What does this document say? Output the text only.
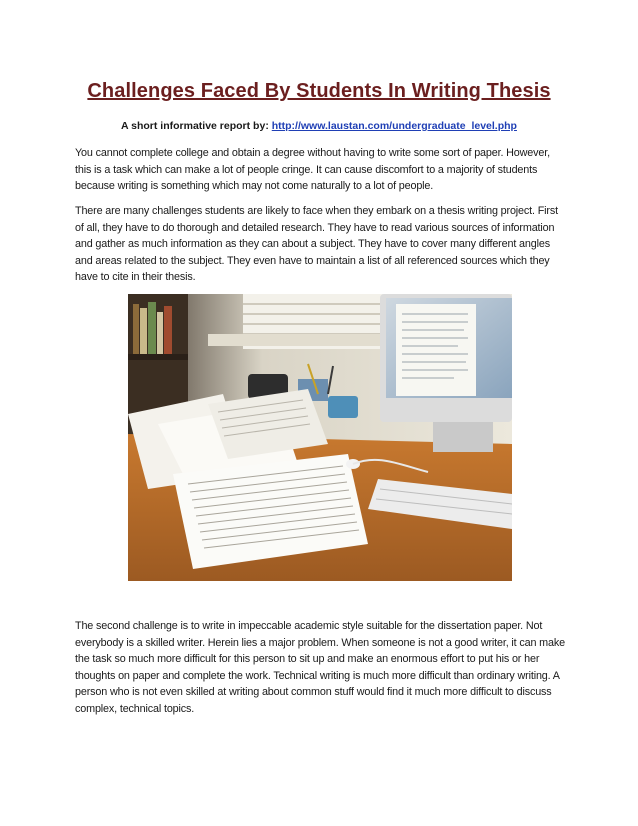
Challenges Faced By Students In Writing Thesis
A short informative report by: http://www.laustan.com/undergraduate_level.php
You cannot complete college and obtain a degree without having to write some sort of paper. However, this is a task which can make a lot of people cringe. It can cause discomfort to a majority of students because writing is something which may not come naturally to a lot of people.
There are many challenges students are likely to face when they embark on a thesis writing project. First of all, they have to do thorough and detailed research. They have to read various sources of information and gather as much information as they can about a subject. They have to cover many different angles and areas related to the subject. They even have to maintain a list of all referenced sources which they have to cite in their thesis.
The second challenge is to write in impeccable academic style suitable for the dissertation paper. Not everybody is a skilled writer. Herein lies a major problem. When someone is not a good writer, it can make the task so much more difficult for this person to sit up and make an enormous effort to put his or her thoughts on paper and complete the work. Technical writing is much more difficult than ordinary writing. A person who is not even skilled at writing about common stuff would find it much more difficult to discuss complex, technical topics.
